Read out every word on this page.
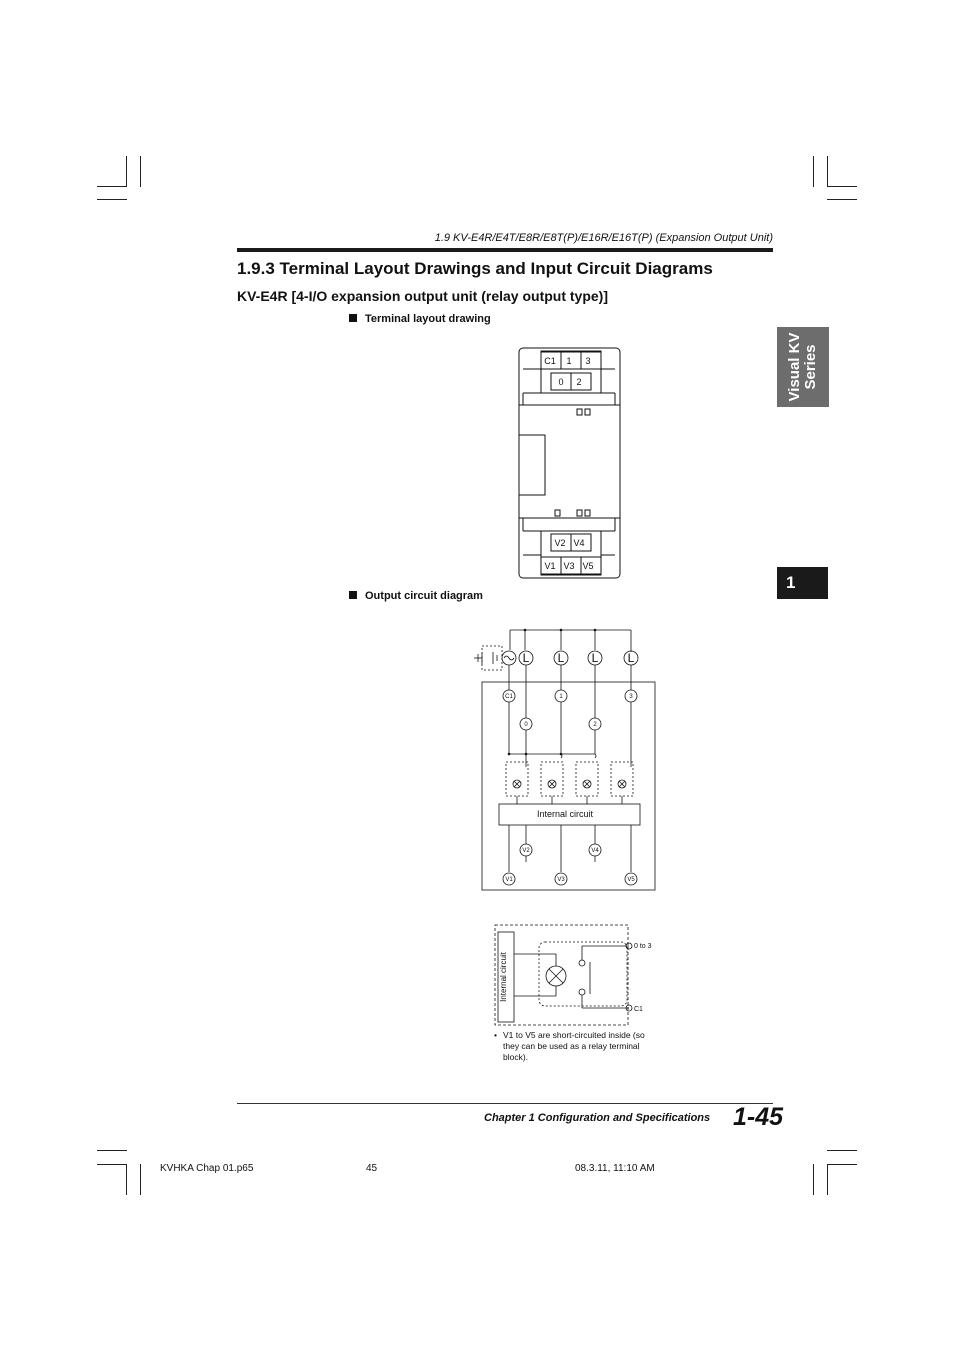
1.9 KV-E4R/E4T/E8R/E8T(P)/E16R/E16T(P) (Expansion Output Unit)
1.9.3 Terminal Layout Drawings and Input Circuit Diagrams
KV-E4R [4-I/O expansion output unit (relay output type)]
Visual KV Series
1
Terminal layout drawing
C1 1 3
0 2
V2 V4
V1 V3 V5
Output circuit diagram
L L L L
C1	1	3
0	2
V2	V4
V1	V3	V5
Internal circuit
Internal circuit
0 to 3
C1
• V1 to V5 are short-circuited inside (so they can be used as a relay terminal block).
Chapter 1 Configuration and Specifications 1-45
KVHKA Chap 01.p65	45	08.3.11, 11:10 AM
